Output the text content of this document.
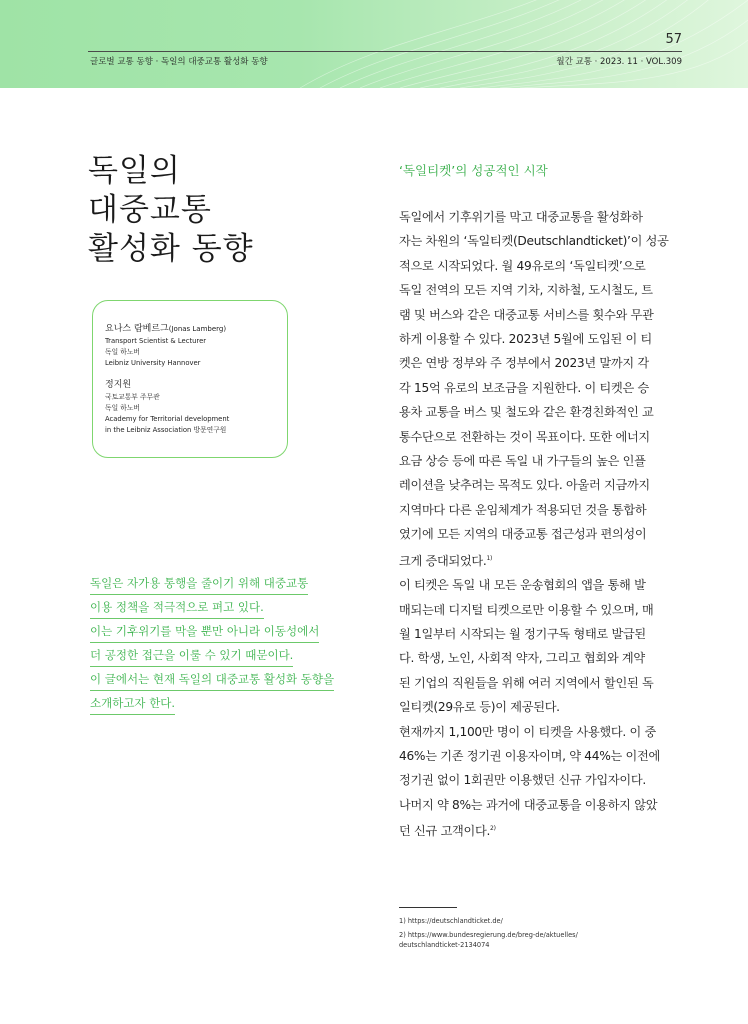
57
글로벌 교통 동향 · 독일의 대중교통 활성화 동향	월간 교통 · 2023. 11 · VOL.309
독일의
대중교통
활성화 동향
요나스 람베르그(Jonas Lamberg)
Transport Scientist & Lecturer
독일 하노버
Leibniz University Hannover
정지원
국토교통부 주무관
독일 하노버
Academy for Territorial development
in the Leibniz Association 방문연구원
독일은 자가용 통행을 줄이기 위해 대중교통
이용 정책을 적극적으로 펴고 있다.
이는 기후위기를 막을 뿐만 아니라 이동성에서
더 공정한 접근을 이룰 수 있기 때문이다.
이 글에서는 현재 독일의 대중교통 활성화 동향을
소개하고자 한다.
‘독일티켓’의 성공적인 시작
독일에서 기후위기를 막고 대중교통을 활성화하
자는 차원의 ‘독일티켓(Deutschlandticket)’이 성공
적으로 시작되었다. 월 49유로의 ‘독일티켓’으로
독일 전역의 모든 지역 기차, 지하철, 도시철도, 트
램 및 버스와 같은 대중교통 서비스를 횟수와 무관
하게 이용할 수 있다. 2023년 5월에 도입된 이 티
켓은 연방 정부와 주 정부에서 2023년 말까지 각
각 15억 유로의 보조금을 지원한다. 이 티켓은 승
용차 교통을 버스 및 철도와 같은 환경친화적인 교
통수단으로 전환하는 것이 목표이다. 또한 에너지
요금 상승 등에 따른 독일 내 가구들의 높은 인플
레이션을 낮추려는 목적도 있다. 아울러 지금까지
지역마다 다른 운임체계가 적용되던 것을 통합하
였기에 모든 지역의 대중교통 접근성과 편의성이
크게 증대되었다.$^{1)}$
이 티켓은 독일 내 모든 운송협회의 앱을 통해 발
매되는데 디지털 티켓으로만 이용할 수 있으며, 매
월 1일부터 시작되는 월 정기구독 형태로 발급된
다. 학생, 노인, 사회적 약자, 그리고 협회와 계약
된 기업의 직원들을 위해 여러 지역에서 할인된 독
일티켓(29유로 등)이 제공된다.
현재까지 1,100만 명이 이 티켓을 사용했다. 이 중
46%는 기존 정기권 이용자이며, 약 44%는 이전에
정기권 없이 1회권만 이용했던 신규 가입자이다.
나머지 약 8%는 과거에 대중교통을 이용하지 않았
던 신규 고객이다.$^{2)}$
1) https://deutschlandticket.de/
2) https://www.bundesregierung.de/breg-de/aktuelles/
deutschlandticket-2134074
